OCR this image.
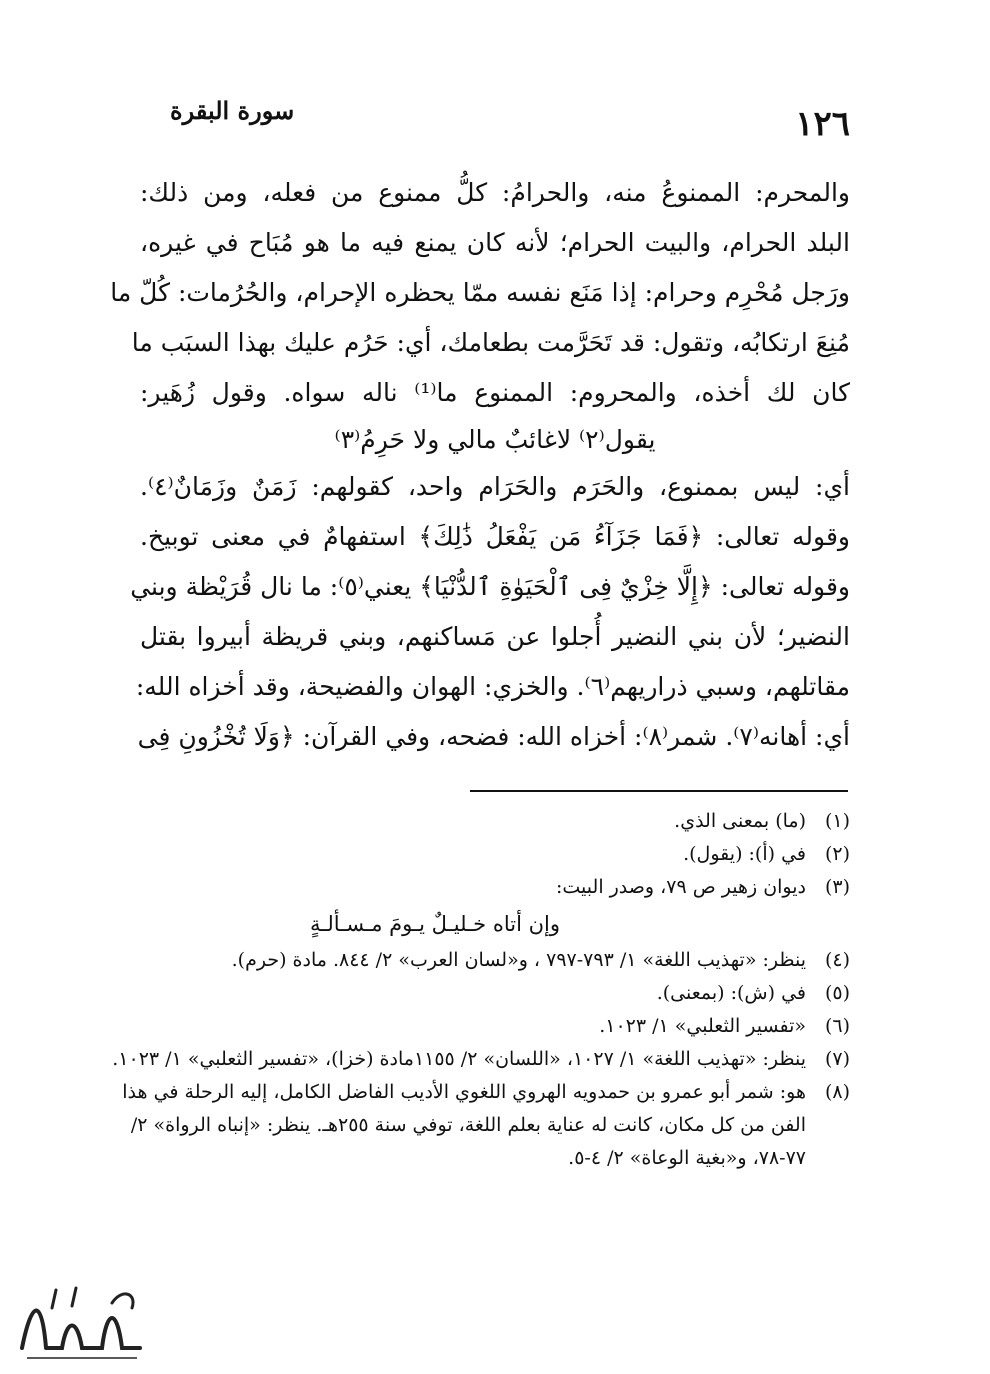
١٢٦
سورة البقرة
والمحرم: الممنوعُ منه، والحرامُ: كلُّ ممنوع من فعله، ومن ذلك:
البلد الحرام، والبيت الحرام؛ لأنه كان يمنع فيه ما هو مُبَاح في غيره،
ورَجل مُحْرِم وحرام: إذا مَنَع نفسه ممّا يحظره الإحرام، والحُرُمات: كُلّ ما
مُنِعَ ارتكابُه، وتقول: قد تَحَرَّمت بطعامك، أي: حَرُم عليك بهذا السبَب ما
كان لك أخذه، والمحروم: الممنوع ما⁽¹⁾ ناله سواه. وقول زُهَير:
يقول⁽٢⁾ لاغائبٌ مالي ولا حَرِمُ⁽٣⁾
أي: ليس بممنوع، والحَرَم والحَرَام واحد، كقولهم: زَمَنٌ وزَمَانٌ⁽٤⁾.
وقوله تعالى: ﴿فَمَا جَزَآءُ مَن يَفْعَلُ ذَٰلِكَ﴾ استفهامٌ في معنى توبيخ.
وقوله تعالى: ﴿إِلَّا خِزْيٌ فِى ٱلْحَيَوٰةِ ٱلدُّنْيَا﴾ يعني⁽٥⁾: ما نال قُرَيْظة وبني
النضير؛ لأن بني النضير أُجلوا عن مَساكنهم، وبني قريظة أبيروا بقتل
مقاتلهم، وسبي ذراريهم⁽٦⁾. والخزي: الهوان والفضيحة، وقد أخزاه الله:
أي: أهانه⁽٧⁾. شمر⁽٨⁾: أخزاه الله: فضحه، وفي القرآن: ﴿وَلَا تُخْزُونِ فِى
(١)
(ما) بمعنى الذي.
(٢)
في (أ): (يقول).
(٣)
ديوان زهير ص ٧٩، وصدر البيت:
وإن أتاه خـليـلٌ يـومَ مـسـألـةٍ
(٤)
ينظر: «تهذيب اللغة» ١/ ٧٩٣-٧٩٧ ، و«لسان العرب» ٢/ ٨٤٤. مادة (حرم).
(٥)
في (ش): (بمعنى).
(٦)
«تفسير الثعلبي» ١/ ١٠٢٣.
(٧)
ينظر: «تهذيب اللغة» ١/ ١٠٢٧، «اللسان» ٢/ ١١٥٥مادة (خزا)، «تفسير الثعلبي» ١/ ١٠٢٣.
(٨)
هو: شمر أبو عمرو بن حمدويه الهروي اللغوي الأديب الفاضل الكامل، إليه الرحلة في هذا الفن من كل مكان، كانت له عناية بعلم اللغة، توفي سنة ٢٥٥هـ. ينظر: «إنباه الرواة» ٢/ ٧٧-٧٨، و«بغية الوعاة» ٢/ ٤-٥.
